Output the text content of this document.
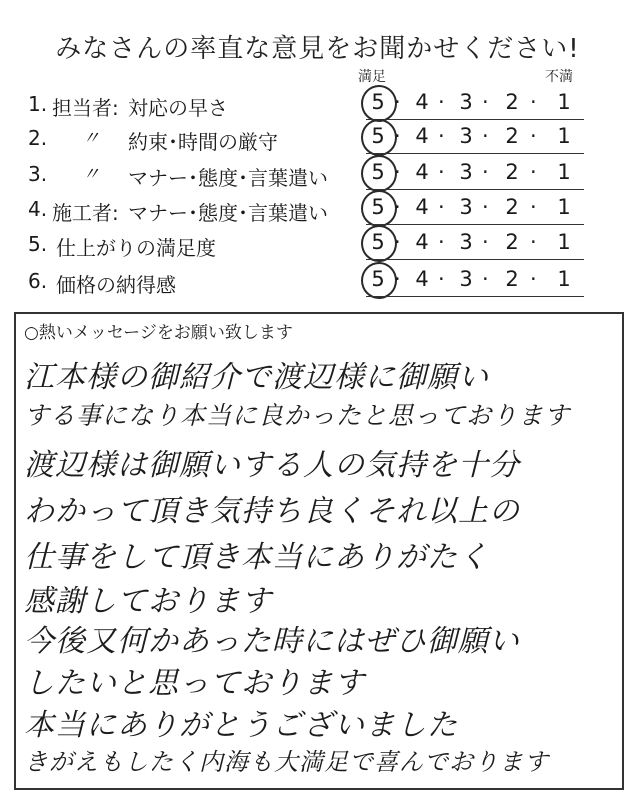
みなさんの率直な意見をお聞かせください!
満足	不満
1. 担当者: 対応の早さ	5 · 4 · 3 · 2 · 1
2. 〃 約束･時間の厳守	5 · 4 · 3 · 2 · 1
3. 〃 マナー･態度･言葉遣い 5 · 4 · 3 · 2 · 1
4. 施工者: マナー･態度･言葉遣い 5 · 4 · 3 · 2 · 1
5. 仕上がりの満足度	5 · 4 · 3 · 2 · 1
6. 価格の納得感	5 · 4 · 3 · 2 · 1
○熱いメッセージをお願い致します
江本様の御紹介で渡辺様に御願い
する事になり本当に良かったと思っております
渡辺様は御願いする人の気持を十分
わかって頂き気持ち良くそれ以上の
仕事をして頂き本当にありがたく
感謝しております
今後又何かあった時にはぜひ御願い
したいと思っております
本当にありがとうございました
きがえもしたく内海も大満足で喜んでおります
